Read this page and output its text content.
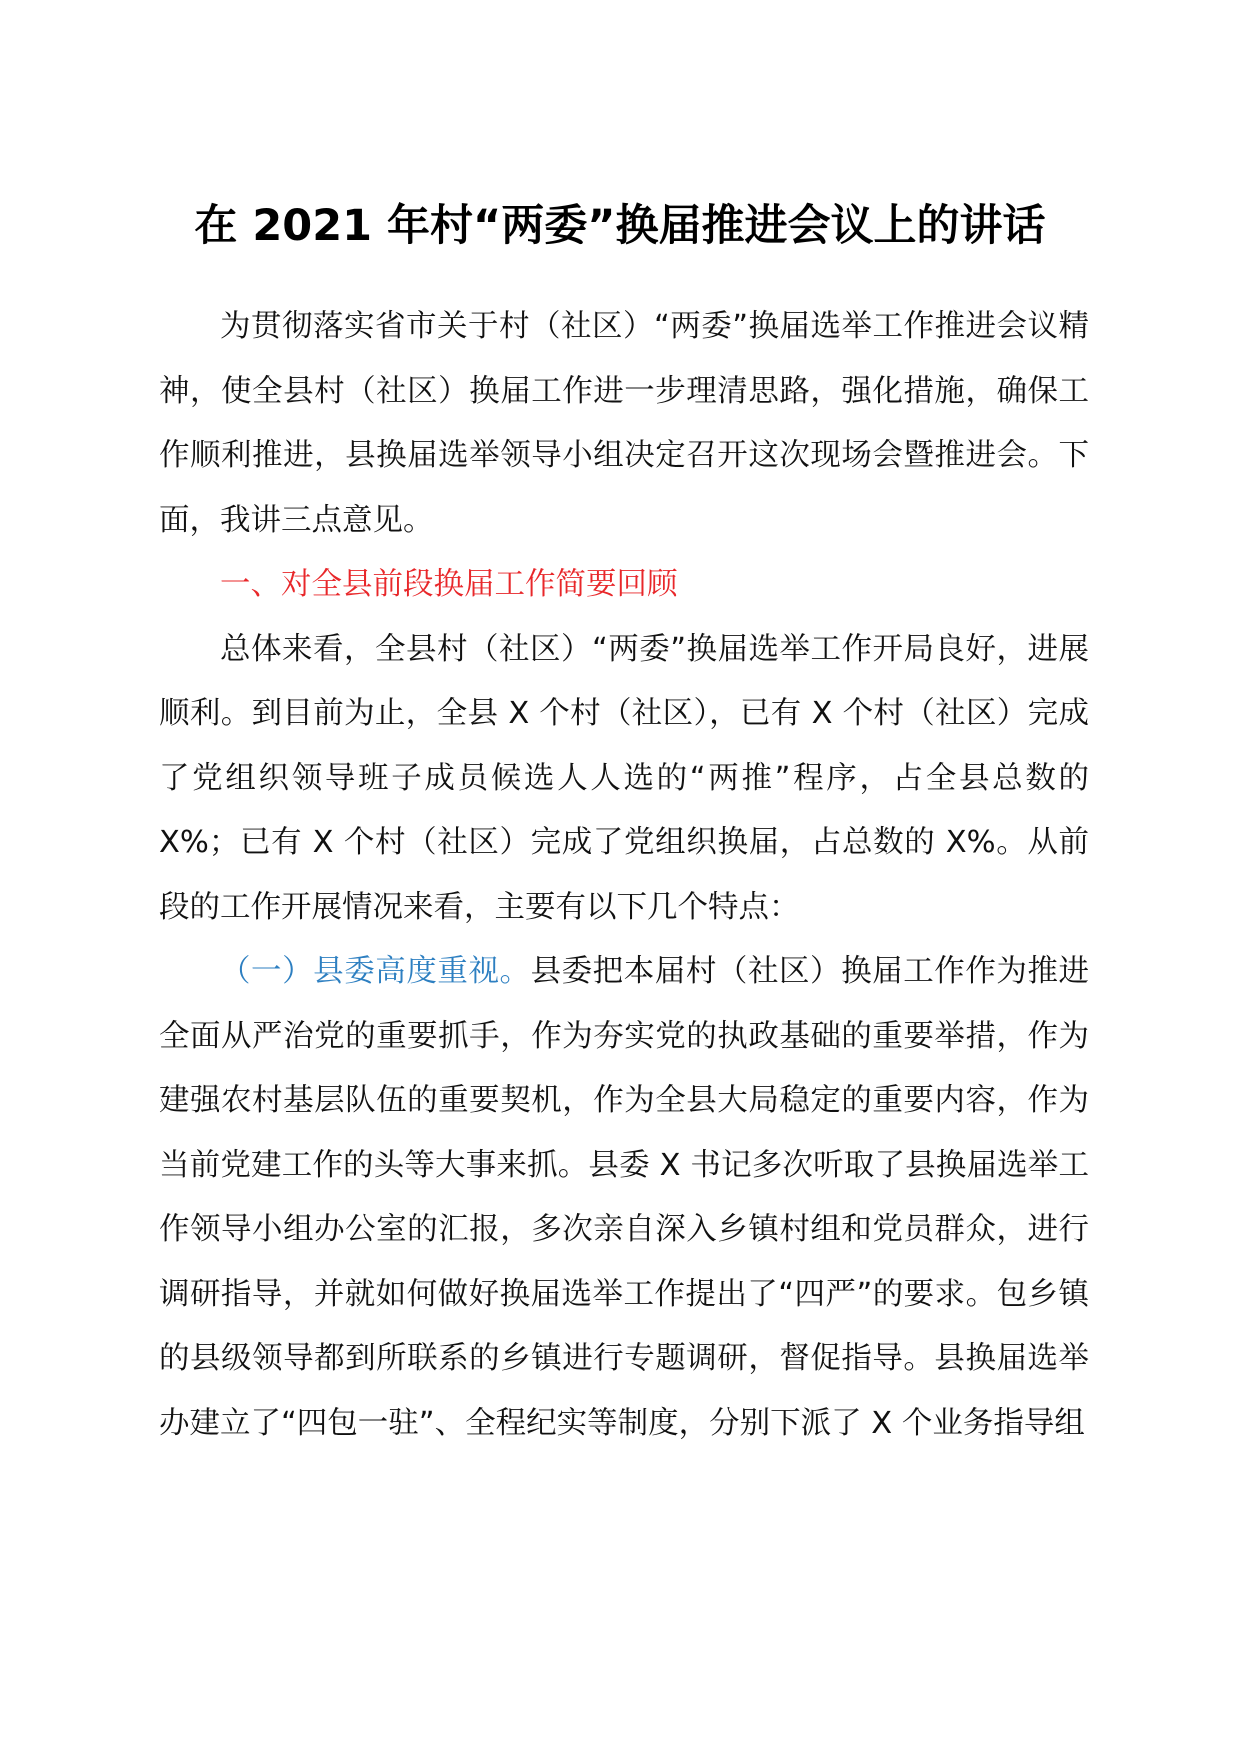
在 2021 年村“两委”换届推进会议上的讲话

为贯彻落实省市关于村（社区）“两委”换届选举工作推进会议精神，使全县村（社区）换届工作进一步理清思路，强化措施，确保工作顺利推进，县换届选举领导小组决定召开这次现场会暨推进会。下面，我讲三点意见。

一、对全县前段换届工作简要回顾

总体来看，全县村（社区）“两委”换届选举工作开局良好，进展顺利。到目前为止，全县 X 个村（社区），已有 X 个村（社区）完成了党组织领导班子成员候选人人选的“两推”程序，占全县总数的 X%；已有 X 个村（社区）完成了党组织换届，占总数的 X%。从前段的工作开展情况来看，主要有以下几个特点：

（一）县委高度重视。县委把本届村（社区）换届工作作为推进全面从严治党的重要抓手，作为夯实党的执政基础的重要举措，作为建强农村基层队伍的重要契机，作为全县大局稳定的重要内容，作为当前党建工作的头等大事来抓。县委 X 书记多次听取了县换届选举工作领导小组办公室的汇报，多次亲自深入乡镇村组和党员群众，进行调研指导，并就如何做好换届选举工作提出了“四严”的要求。包乡镇的县级领导都到所联系的乡镇进行专题调研，督促指导。县换届选举办建立了“四包一驻”、全程纪实等制度，分别下派了 X 个业务指导组
